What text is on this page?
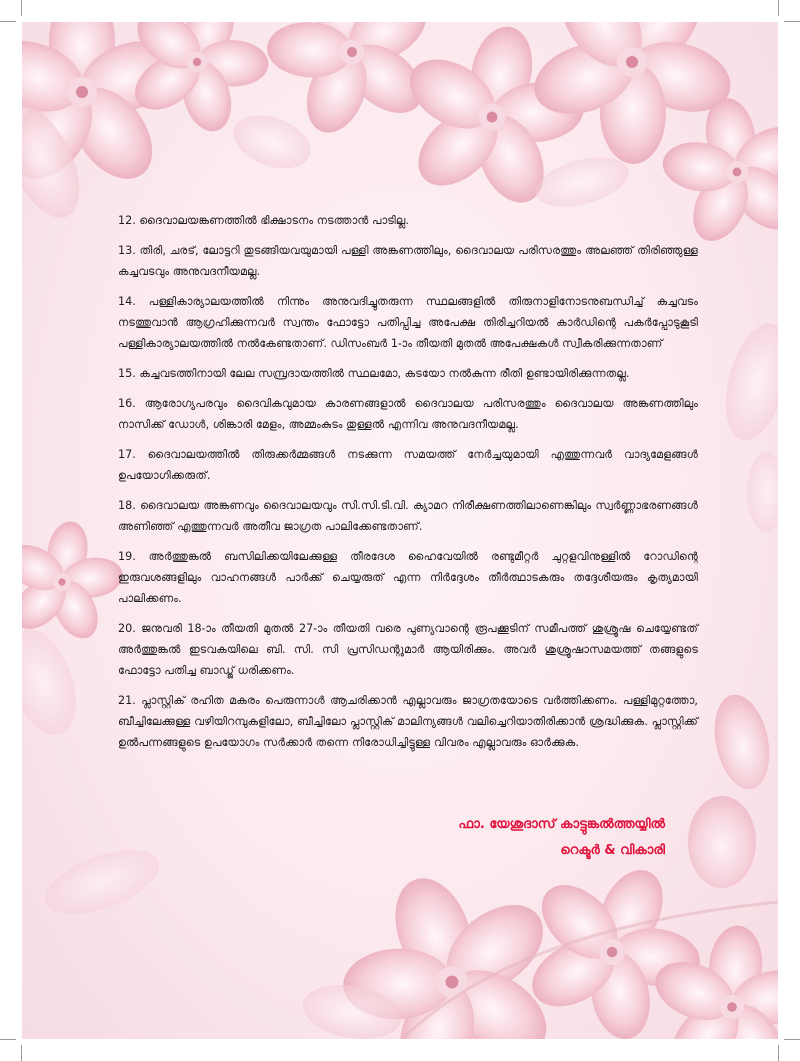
12. ദൈവാലയങ്കണത്തിൽ ഭിക്ഷാടനം നടത്താൻ പാടില്ല.

13. തിരി, ചരട്, ലോട്ടറി തുടങ്ങിയവയുമായി പള്ളി അങ്കണത്തിലും, ദൈവാലയ പരിസരത്തും അലഞ്ഞ് തിരിഞ്ഞുള്ള കച്ചവടവും അനുവദനീയമല്ല.

14. പള്ളികാര്യാലയത്തിൽ നിന്നും അനുവദിച്ചുതരുന്ന സ്ഥലങ്ങളിൽ തിരുനാളിനോടനുബന്ധിച്ച് കച്ചവടം നടത്തുവാൻ ആഗ്രഹിക്കുന്നവർ സ്വന്തം ഫോട്ടോ പതിപ്പിച്ച അപേക്ഷ തിരിച്ചറിയൽ കാർഡിന്റെ പകർപ്പോടുകൂടി പള്ളികാര്യാലയത്തിൽ നൽകേണ്ടതാണ്. ഡിസംബർ 1-ാം തീയതി മുതൽ അപേക്ഷകൾ സ്വീകരിക്കുന്നതാണ്

15. കച്ചവടത്തിനായി ലേല സമ്പ്രദായത്തിൽ സ്ഥലമോ, കടയോ നൽകുന്ന രീതി ഉണ്ടായിരിക്കുന്നതല്ല.

16. ആരോഗ്യപരവും ദൈവികവുമായ കാരണങ്ങളാൽ ദൈവാലയ പരിസരത്തും ദൈവാലയ അങ്കണത്തിലും നാസിക്ക് ഡോൾ, ശിങ്കാരി മേളം, അമ്മംകുടം തുള്ളൽ എന്നിവ അനുവദനീയമല്ല.

17. ദൈവാലയത്തിൽ തിരുക്കർമ്മങ്ങൾ നടക്കുന്ന സമയത്ത് നേർച്ചയുമായി എത്തുന്നവർ വാദ്യമേളങ്ങൾ ഉപയോഗിക്കരുത്.

18. ദൈവാലയ അങ്കണവും ദൈവാലയവും സി.സി.ടി.വി. ക്യാമറ നിരീക്ഷണത്തിലാണെങ്കിലും സ്വർണ്ണാഭരണങ്ങൾ അണിഞ്ഞ് എത്തുന്നവർ അതീവ ജാഗ്രത പാലിക്കേണ്ടതാണ്.

19. അർത്തുങ്കൽ ബസിലിക്കയിലേക്കുള്ള തീരദേശ ഹൈവേയിൽ രണ്ടുമീറ്റർ ചുറ്റളവിനുള്ളിൽ റോഡിന്റെ ഇരുവശങ്ങളിലും വാഹനങ്ങൾ പാർക്ക് ചെയ്യരുത് എന്ന നിർദ്ദേശം തീർത്ഥാടകരും തദ്ദേശീയരും കൃത്യമായി പാലിക്കണം.

20. ജനുവരി 18-ാം തീയതി മുതൽ 27-ാം തീയതി വരെ പുണ്യവാന്റെ രൂപക്കൂടിന് സമീപത്ത് ശുശ്രൂഷ ചെയ്യേണ്ടത് അർത്തുങ്കൽ ഇടവകയിലെ ബി. സി. സി പ്രസിഡന്റുമാർ ആയിരിക്കും. അവർ ശുശ്രൂഷാസമയത്ത് തങ്ങളുടെ ഫോട്ടോ പതിച്ച ബാഡ്ജ് ധരിക്കണം.

21. പ്ലാസ്റ്റിക് രഹിത മകരം പെരുന്നാൾ ആചരിക്കാൻ എല്ലാവരും ജാഗ്രതയോടെ വർത്തിക്കണം. പള്ളിമുറ്റത്തോ, ബീച്ചിലേക്കുള്ള വഴിയിറമ്പുകളിലോ, ബീച്ചിലോ പ്ലാസ്റ്റിക് മാലിന്യങ്ങൾ വലിച്ചെറിയാതിരിക്കാൻ ശ്രദ്ധിക്കുക. പ്ലാസ്റ്റിക്ക് ഉൽപന്നങ്ങളുടെ ഉപയോഗം സർക്കാർ തന്നെ നിരോധിച്ചിട്ടുള്ള വിവരം എല്ലാവരും ഓർക്കുക.

ഫാ. യേശുദാസ് കാട്ടുങ്കൽത്തയ്യിൽ
റെക്ടർ & വികാരി
